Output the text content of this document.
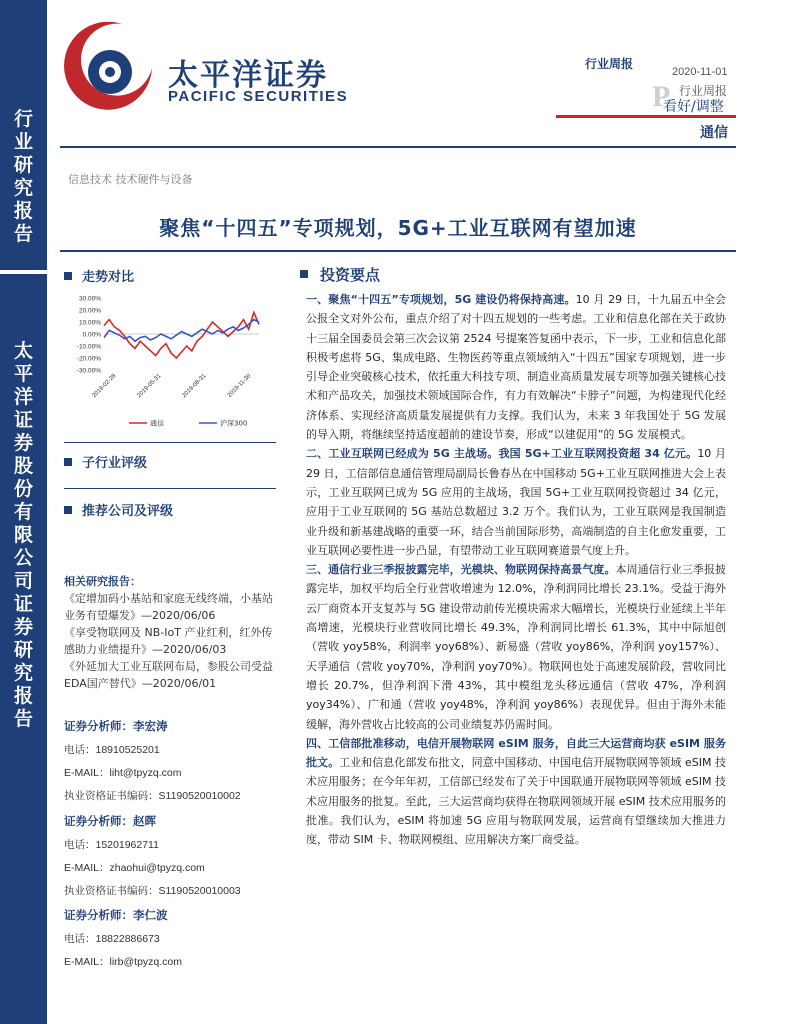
行
业
研
究
报
告
太
平
洋
证
券
股
份
有
限
公
司
证
券
研
究
报
告
太平洋证券
PACIFIC SECURITIES
行业周报
2020-11-01
P 行业周报
看好/调整
通信
信息技术 技术硬件与设备
聚焦“十四五”专项规划，5G+工业互联网有望加速
走势对比
30.00%
20.00%
10.00%
0.00%
-10.00%
-20.00%
-30.00%
2019-02-28	2019-05-31	2019-08-31	2019-11-30
通信	沪深300
子行业评级
推荐公司及评级
相关研究报告：
《定增加码小基站和家庭无线终端，小基站业务有望爆发》—2020/06/06
《享受物联网及 NB-IoT 产业红利，红外传感助力业绩提升》—2020/06/03
《外延加大工业互联网布局，参股公司受益EDA国产替代》—2020/06/01
证券分析师：李宏涛
电话：18910525201
E-MAIL：liht@tpyzq.com
执业资格证书编码：S1190520010002
证券分析师：赵晖
电话：15201962711
E-MAIL：zhaohui@tpyzq.com
执业资格证书编码：S1190520010003
证券分析师：李仁波
电话：18822886673
E-MAIL：lirb@tpyzq.com
投资要点

一、聚焦“十四五”专项规划，5G 建设仍将保持高速。10 月 29 日，十九届五中全会公报全文对外公布，重点介绍了对十四五规划的一些考虑。工业和信息化部在关于政协十三届全国委员会第三次会议第 2524 号提案答复函中表示，下一步，工业和信息化部积极考虑将 5G、集成电路、生物医药等重点领域纳入“十四五”国家专项规划，进一步引导企业突破核心技术，依托重大科技专项、制造业高质量发展专项等加强关键核心技术和产品攻关，加强技术领域国际合作，有力有效解决“卡脖子”问题，为构建现代化经济体系、实现经济高质量发展提供有力支撑。我们认为，未来 3 年我国处于 5G 发展的导入期，将继续坚持适度超前的建设节奏，形成“以建促用”的 5G 发展模式。

二、工业互联网已经成为 5G 主战场。我国 5G+工业互联网投资超 34 亿元。10 月 29 日，工信部信息通信管理局副局长鲁春丛在中国移动 5G+工业互联网推进大会上表示，工业互联网已成为 5G 应用的主战场，我国 5G+工业互联网投资超过 34 亿元，应用于工业互联网的 5G 基站总数超过 3.2 万个。我们认为，工业互联网是我国制造业升级和新基建战略的重要一环，结合当前国际形势，高端制造的自主化愈发重要，工业互联网必要性进一步凸显，有望带动工业互联网赛道景气度上升。

三、通信行业三季报披露完毕，光模块、物联网保持高景气度。本周通信行业三季报披露完毕，加权平均后全行业营收增速为 12.0%，净利润同比增长 23.1%。受益于海外云厂商资本开支复苏与 5G 建设带动前传光模块需求大幅增长，光模块行业延续上半年高增速，光模块行业营收同比增长 49.3%，净利润同比增长 61.3%，其中中际旭创（营收 yoy58%，利润率 yoy68%）、新易盛（营收 yoy86%，净利润 yoy157%）、天孚通信（营收 yoy70%，净利润 yoy70%）。物联网也处于高速发展阶段，营收同比增长 20.7%，但净利润下滑 43%，其中模组龙头移远通信（营收 47%，净利润 yoy34%）、广和通（营收 yoy48%，净利润 yoy86%）表现优异。但由于海外未能缓解，海外营收占比较高的公司业绩复苏仍需时间。

四、工信部批准移动，电信开展物联网 eSIM 服务，自此三大运营商均获 eSIM 服务批文。工业和信息化部发布批文，同意中国移动、中国电信开展物联网等领域 eSIM 技术应用服务；在今年年初，工信部已经发布了关于中国联通开展物联网等领域 eSIM 技术应用服务的批复。至此，三大运营商均获得在物联网领域开展 eSIM 技术应用服务的批准。我们认为，eSIM 将加速 5G 应用与物联网发展，运营商有望继续加大推进力度，带动 SIM 卡、物联网模组、应用解决方案厂商受益。
